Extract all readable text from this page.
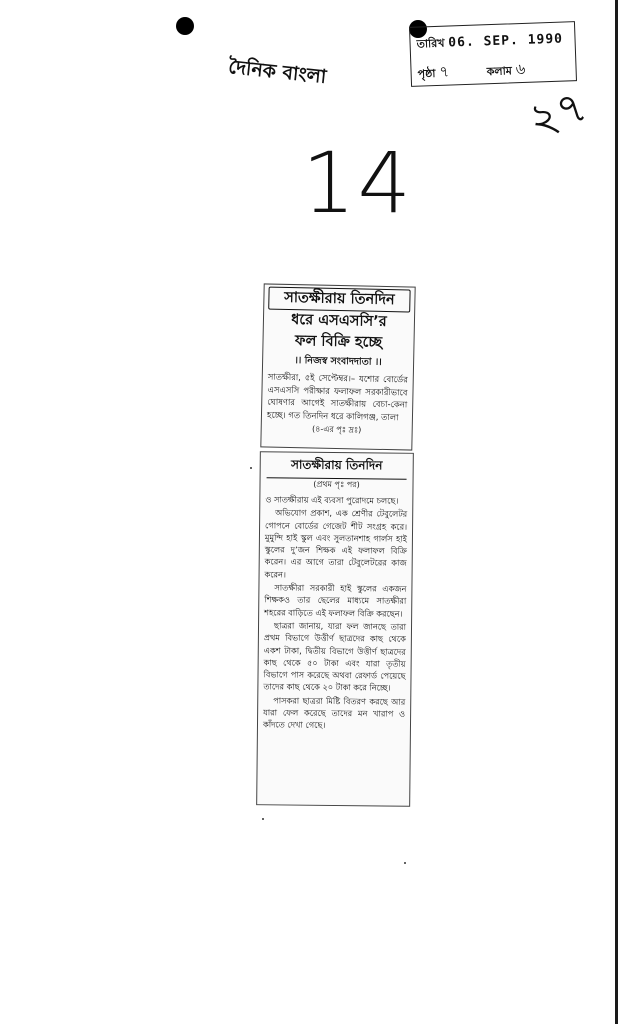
দৈনিক বাংলা
তারিখ 06. SEP. 1990
পৃষ্ঠা ৭	কলাম ৬
২৭
14
সাতক্ষীরায় তিনদিন
ধরে এসএসসি’র
ফল বিক্রি হচ্ছে
।। নিজস্ব সংবাদদাতা ।।
সাতক্ষীরা, ৫ই সেপ্টেম্বর।– যশোর বোর্ডের এসএসসি পরীক্ষার ফলাফল সরকারীভাবে ঘোষণার আগেই সাতক্ষীরায় বেচা-কেনা হচ্ছে। গত তিনদিন ধরে কালিগঞ্জ, তালা
(৪-এর পৃঃ দ্রঃ)
সাতক্ষীরায় তিনদিন
(প্রথম পৃঃ পর)

ও সাতক্ষীরায় এই ব্যবসা পুরোদমে চলছে।

অভিযোগ প্রকাশ, এক শ্রেণীর টেবুলেটর গোপনে বোর্ডের গেজেট শীট সংগ্রহ করে। মুমুন্দি হাই স্কুল এবং সুলতানশাহ গার্লস হাই স্কুলের দু’জন শিক্ষক এই ফলাফল বিক্রি করেন। এর আগে তারা টেবুলেটরের কাজ করেন।

সাতক্ষীরা সরকারী হাই স্কুলের একজন শিক্ষকও তার ছেলের মাধ্যমে সাতক্ষীরা শহরের বাড়িতে এই ফলাফল বিক্রি করছেন।

ছাত্ররা জানায়, যারা ফল জানছে তারা প্রথম বিভাগে উত্তীর্ণ ছাত্রদের কাছ থেকে একশ টাকা, দ্বিতীয় বিভাগে উত্তীর্ণ ছাত্রদের কাছ থেকে ৫০ টাকা এবং যারা তৃতীয় বিভাগে পাস করেছে অথবা রেফার্ড পেয়েছে তাদের কাছ থেকে ২০ টাকা করে নিচ্ছে।

পাসকরা ছাত্ররা মিষ্টি বিতরণ করছে আর যারা ফেল করেছে তাদের মন খারাপ ও কাঁদতে দেখা গেছে।
